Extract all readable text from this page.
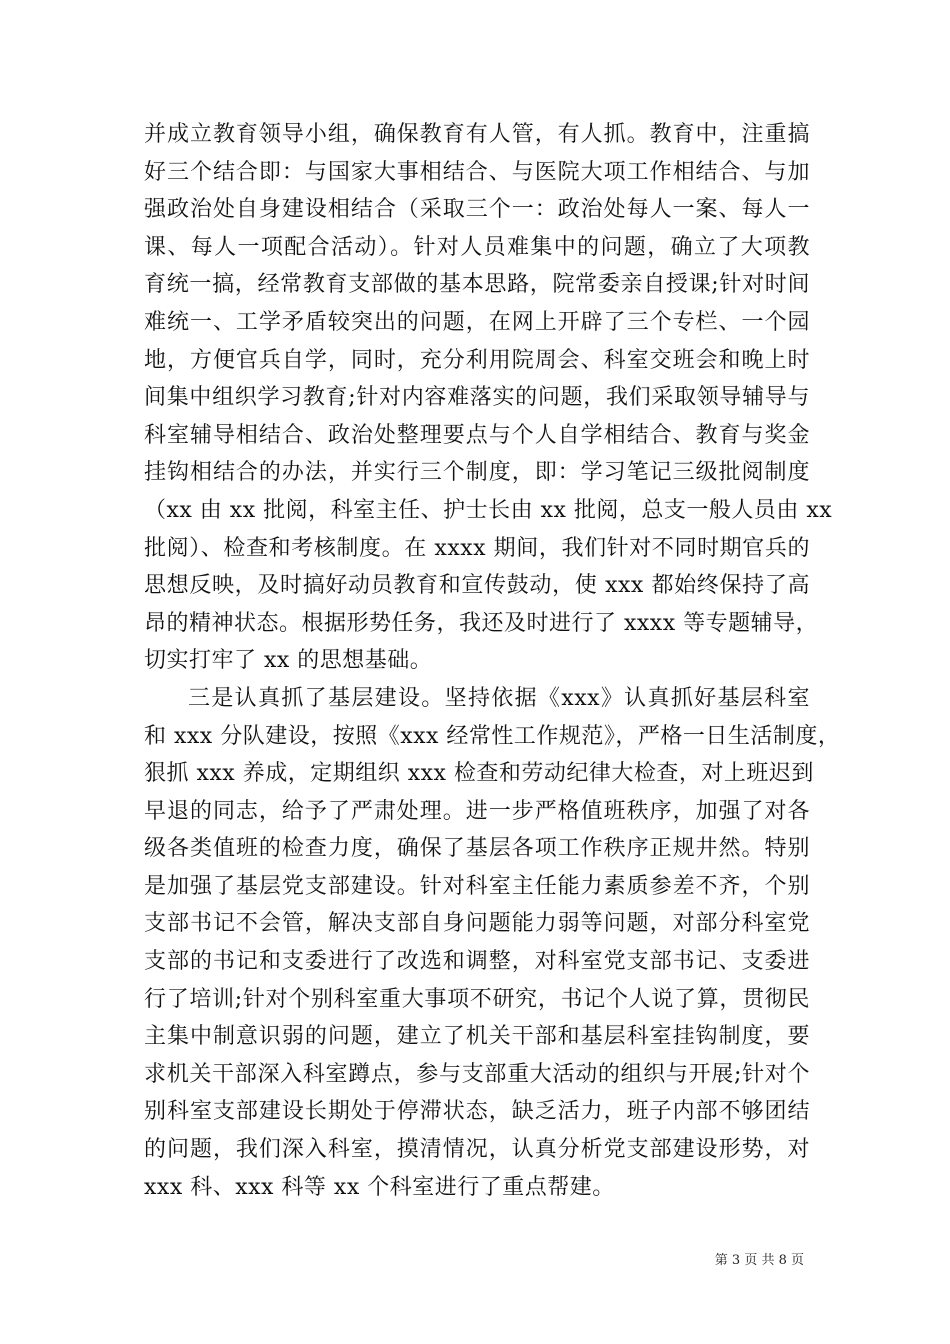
并成立教育领导小组，确保教育有人管，有人抓。教育中，注重搞
好三个结合即：与国家大事相结合、与医院大项工作相结合、与加
强政治处自身建设相结合（采取三个一：政治处每人一案、每人一
课、每人一项配合活动）。针对人员难集中的问题，确立了大项教
育统一搞，经常教育支部做的基本思路，院常委亲自授课;针对时间
难统一、工学矛盾较突出的问题，在网上开辟了三个专栏、一个园
地，方便官兵自学，同时，充分利用院周会、科室交班会和晚上时
间集中组织学习教育;针对内容难落实的问题，我们采取领导辅导与
科室辅导相结合、政治处整理要点与个人自学相结合、教育与奖金
挂钩相结合的办法，并实行三个制度，即：学习笔记三级批阅制度
（xx 由 xx 批阅，科室主任、护士长由 xx 批阅，总支一般人员由 xx
批阅）、检查和考核制度。在 xxxx 期间，我们针对不同时期官兵的
思想反映，及时搞好动员教育和宣传鼓动，使 xxx 都始终保持了高
昂的精神状态。根据形势任务，我还及时进行了 xxxx 等专题辅导，
切实打牢了 xx 的思想基础。
三是认真抓了基层建设。坚持依据《xxx》认真抓好基层科室
和 xxx 分队建设，按照《xxx 经常性工作规范》，严格一日生活制度，
狠抓 xxx 养成，定期组织 xxx 检查和劳动纪律大检查，对上班迟到
早退的同志，给予了严肃处理。进一步严格值班秩序，加强了对各
级各类值班的检查力度，确保了基层各项工作秩序正规井然。特别
是加强了基层党支部建设。针对科室主任能力素质参差不齐，个别
支部书记不会管，解决支部自身问题能力弱等问题，对部分科室党
支部的书记和支委进行了改选和调整，对科室党支部书记、支委进
行了培训;针对个别科室重大事项不研究，书记个人说了算，贯彻民
主集中制意识弱的问题，建立了机关干部和基层科室挂钩制度，要
求机关干部深入科室蹲点，参与支部重大活动的组织与开展;针对个
别科室支部建设长期处于停滞状态，缺乏活力，班子内部不够团结
的问题，我们深入科室，摸清情况，认真分析党支部建设形势，对
xxx 科、xxx 科等 xx 个科室进行了重点帮建。
第 3 页 共 8 页
